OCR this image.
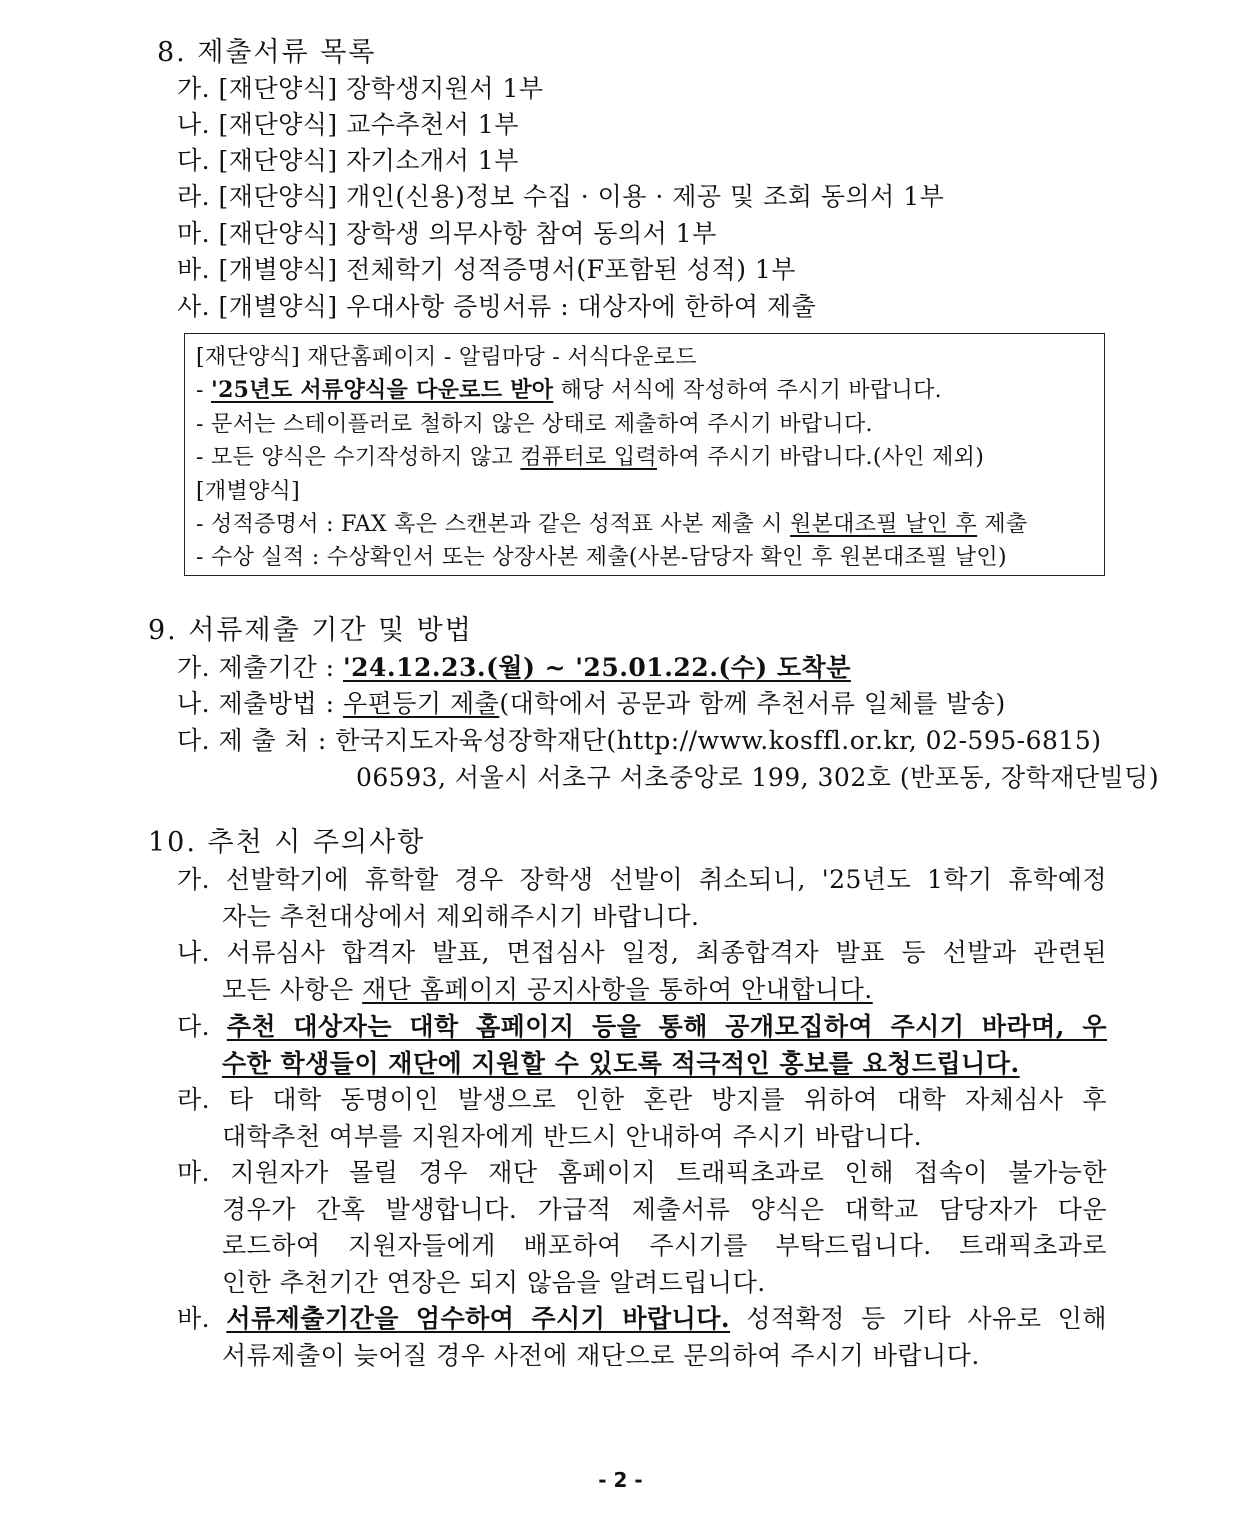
8. 제출서류 목록
가. [재단양식] 장학생지원서 1부
나. [재단양식] 교수추천서 1부
다. [재단양식] 자기소개서 1부
라. [재단양식] 개인(신용)정보 수집 · 이용 · 제공 및 조회 동의서 1부
마. [재단양식] 장학생 의무사항 참여 동의서 1부
바. [개별양식] 전체학기 성적증명서(F포함된 성적) 1부
사. [개별양식] 우대사항 증빙서류 : 대상자에 한하여 제출
[재단양식] 재단홈페이지 - 알림마당 - 서식다운로드
- '25년도 서류양식을 다운로드 받아 해당 서식에 작성하여 주시기 바랍니다.
- 문서는 스테이플러로 철하지 않은 상태로 제출하여 주시기 바랍니다.
- 모든 양식은 수기작성하지 않고 컴퓨터로 입력하여 주시기 바랍니다.(사인 제외)
[개별양식]
- 성적증명서 : FAX 혹은 스캔본과 같은 성적표 사본 제출 시 원본대조필 날인 후 제출
- 수상 실적 : 수상확인서 또는 상장사본 제출(사본-담당자 확인 후 원본대조필 날인)
9. 서류제출 기간 및 방법
가. 제출기간 : '24.12.23.(월) ~ '25.01.22.(수) 도착분
나. 제출방법 : 우편등기 제출(대학에서 공문과 함께 추천서류 일체를 발송)
다. 제 출 처 : 한국지도자육성장학재단(http://www.kosffl.or.kr, 02-595-6815)
06593, 서울시 서초구 서초중앙로 199, 302호 (반포동, 장학재단빌딩)
10. 추천 시 주의사항
가. 선발학기에 휴학할 경우 장학생 선발이 취소되니, '25년도 1학기 휴학예정
자는 추천대상에서 제외해주시기 바랍니다.
나. 서류심사 합격자 발표, 면접심사 일정, 최종합격자 발표 등 선발과 관련된
모든 사항은 재단 홈페이지 공지사항을 통하여 안내합니다.
다. 추천 대상자는 대학 홈페이지 등을 통해 공개모집하여 주시기 바라며, 우
수한 학생들이 재단에 지원할 수 있도록 적극적인 홍보를 요청드립니다.
라. 타 대학 동명이인 발생으로 인한 혼란 방지를 위하여 대학 자체심사 후
대학추천 여부를 지원자에게 반드시 안내하여 주시기 바랍니다.
마. 지원자가 몰릴 경우 재단 홈페이지 트래픽초과로 인해 접속이 불가능한
경우가 간혹 발생합니다. 가급적 제출서류 양식은 대학교 담당자가 다운
로드하여 지원자들에게 배포하여 주시기를 부탁드립니다. 트래픽초과로
인한 추천기간 연장은 되지 않음을 알려드립니다.
바. 서류제출기간을 엄수하여 주시기 바랍니다. 성적확정 등 기타 사유로 인해
서류제출이 늦어질 경우 사전에 재단으로 문의하여 주시기 바랍니다.
- 2 -
